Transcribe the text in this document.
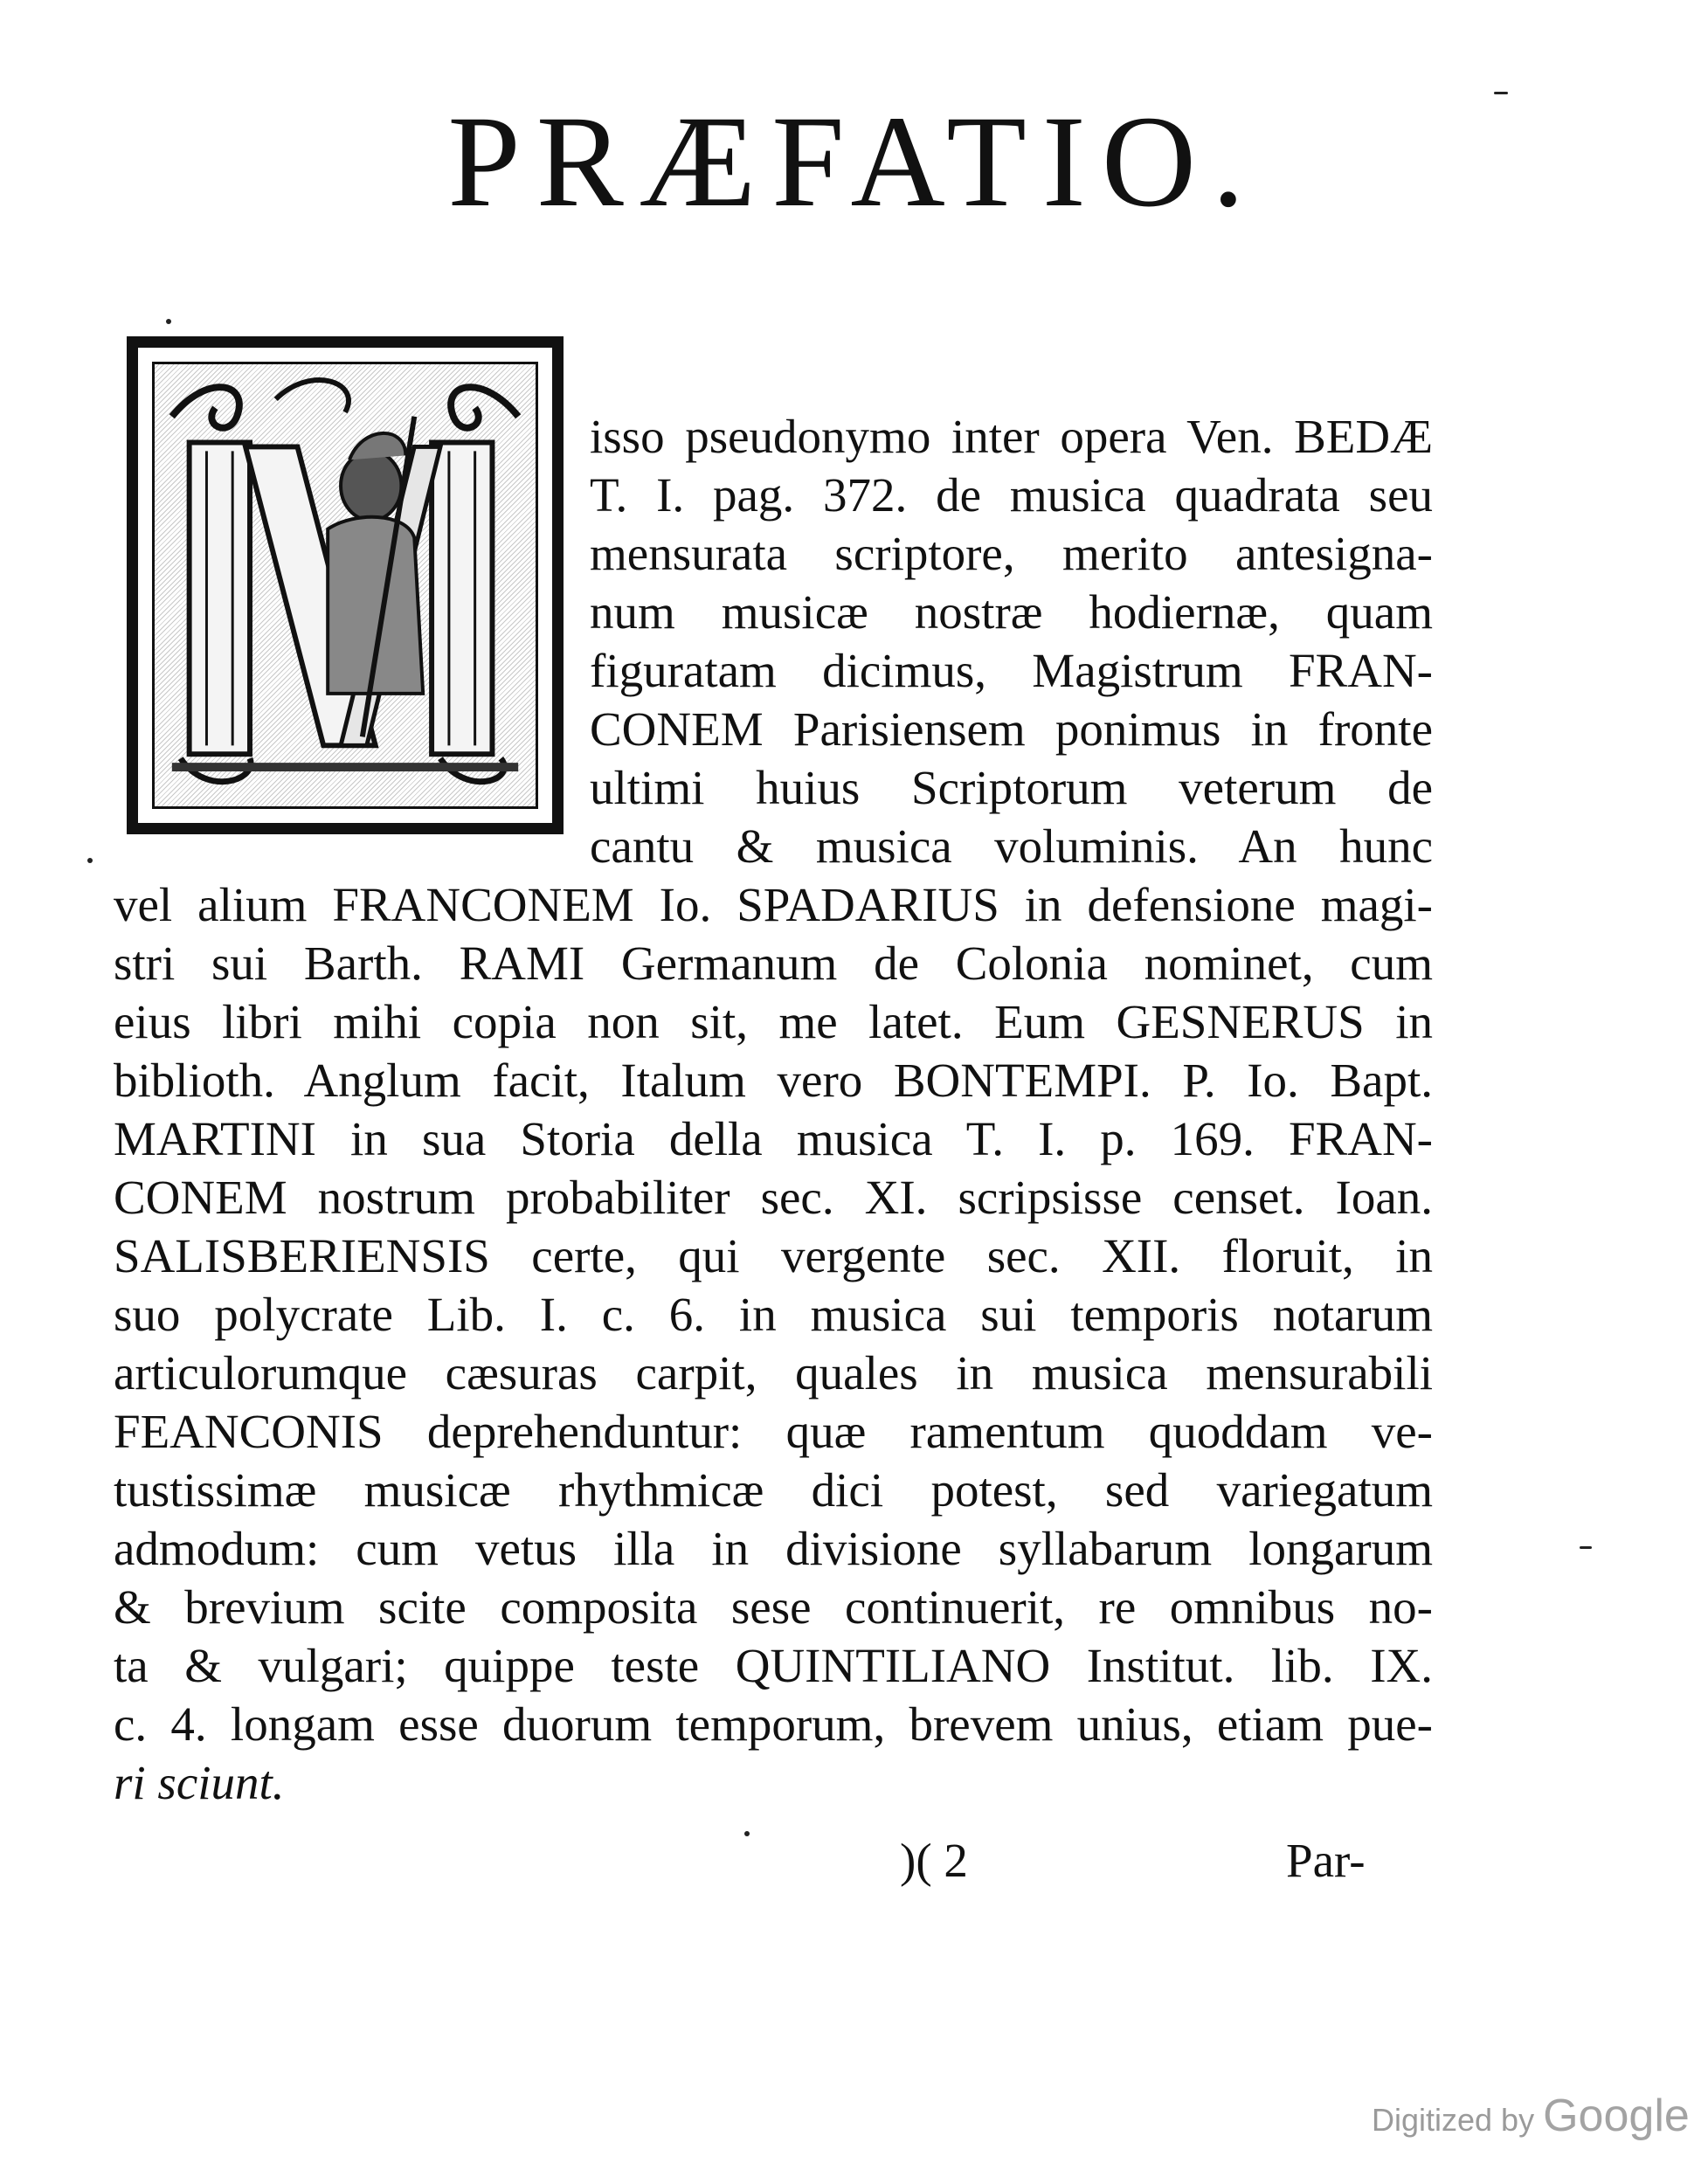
PRÆFATIO.
isso pseudonymo inter opera Ven. BEDÆ
T. I. pag. 372. de musica quadrata seu
mensurata scriptore, merito antesigna-
num musicæ nostræ hodiernæ, quam
figuratam dicimus, Magistrum FRAN-
CONEM Parisiensem ponimus in fronte
ultimi huius Scriptorum veterum de
cantu & musica voluminis. An hunc
vel alium FRANCONEM Io. SPADARIUS in defensione magi-
stri sui Barth. RAMI Germanum de Colonia nominet, cum
eius libri mihi copia non sit, me latet. Eum GESNERUS in
biblioth. Anglum facit, Italum vero BONTEMPI. P. Io. Bapt.
MARTINI in sua Storia della musica T. I. p. 169. FRAN-
CONEM nostrum probabiliter sec. XI. scripsisse censet. Ioan.
SALISBERIENSIS certe, qui vergente sec. XII. floruit, in
suo polycrate Lib. I. c. 6. in musica sui temporis notarum
articulorumque cæsuras carpit, quales in musica mensurabili
FEANCONIS deprehenduntur: quæ ramentum quoddam ve-
tustissimæ musicæ rhythmicæ dici potest, sed variegatum
admodum: cum vetus illa in divisione syllabarum longarum
& brevium scite composita sese continuerit, re omnibus no-
ta & vulgari; quippe teste QUINTILIANO Institut. lib. IX.
c. 4. longam esse duorum temporum, brevem unius, etiam pue-
ri sciunt.
)( 2	Par-
Digitized by Google
